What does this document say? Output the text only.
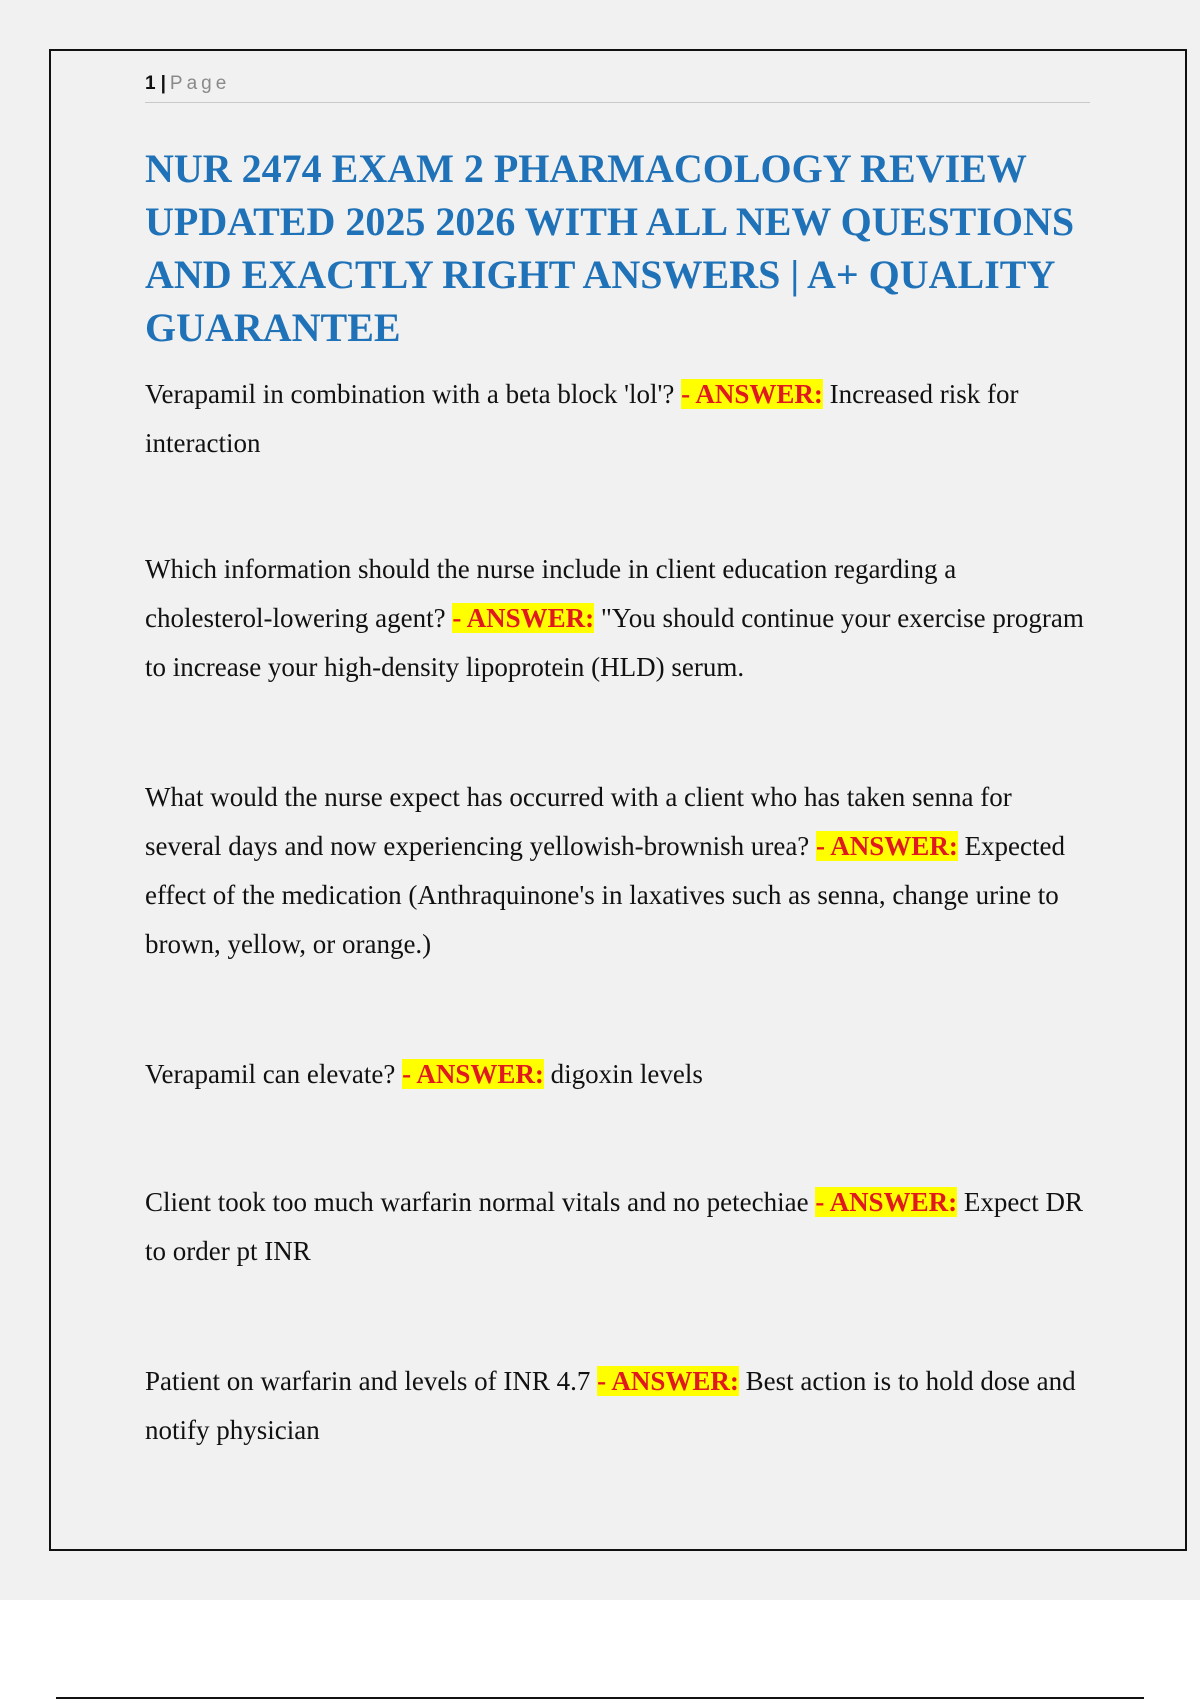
1 | Page
NUR 2474 EXAM 2 PHARMACOLOGY REVIEW UPDATED 2025 2026 WITH ALL NEW QUESTIONS AND EXACTLY RIGHT ANSWERS | A+ QUALITY GUARANTEE

Verapamil in combination with a beta block 'lol'? - ANSWER: Increased risk for interaction

Which information should the nurse include in client education regarding a cholesterol-lowering agent? - ANSWER: "You should continue your exercise program to increase your high-density lipoprotein (HLD) serum.

What would the nurse expect has occurred with a client who has taken senna for several days and now experiencing yellowish-brownish urea? - ANSWER: Expected effect of the medication (Anthraquinone's in laxatives such as senna, change urine to brown, yellow, or orange.)

Verapamil can elevate? - ANSWER: digoxin levels

Client took too much warfarin normal vitals and no petechiae - ANSWER: Expect DR to order pt INR

Patient on warfarin and levels of INR 4.7 - ANSWER: Best action is to hold dose and notify physician
